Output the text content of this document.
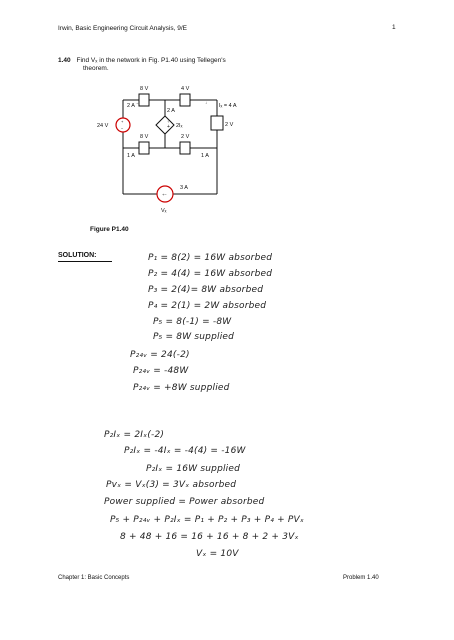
Irwin, Basic Engineering Circuit Analysis, 9/E	1
1.40 Find Vₓ in the network in Fig. P1.40 using Tellegen's
theorem.
+
↑
+
−
+−
→	↓
8 V	4 V
2 A
2 A
2Iₓ
Iₓ = 4 A
2 V
24 V
8 V	2 V
1 A	1 A
3 A
Vₓ
Figure P1.40
SOLUTION:	P₁ = 8(2) = 16W absorbed
P₂ = 4(4) = 16W absorbed
P₃ = 2(4)= 8W absorbed
P₄ = 2(1) = 2W absorbed
P₅ = 8(-1) = -8W
P₅ = 8W supplied
P₂₄ᵥ = 24(-2)
P₂₄ᵥ = -48W
P₂₄ᵥ = +8W supplied
P₂Iₓ = 2Iₓ(-2)
P₂Iₓ = -4Iₓ = -4(4) = -16W
P₂Iₓ = 16W supplied
Pvₓ = Vₓ(3) = 3Vₓ absorbed
Power supplied = Power absorbed
P₅ + P₂₄ᵥ + P₂Iₓ = P₁ + P₂ + P₃ + P₄ + PVₓ
8 + 48 + 16 = 16 + 16 + 8 + 2 + 3Vₓ
Vₓ = 10V
Chapter 1: Basic Concepts	Problem 1.40
